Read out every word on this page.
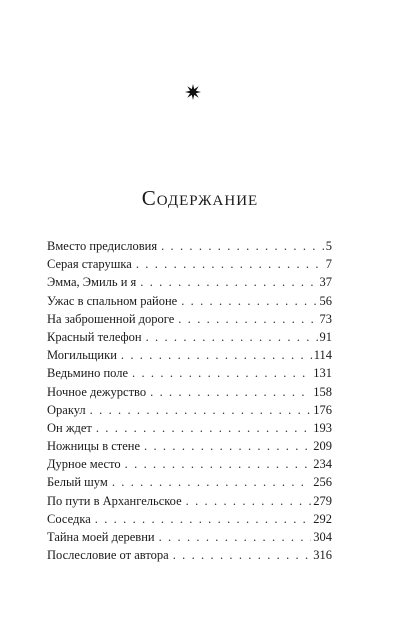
Содержание
Вместо предисловия . . .	5
Серая старушка . . .	7
Эмма, Эмиль и я . . .	37
Ужас в спальном районе . . .	56
На заброшенной дороге . . .	73
Красный телефон . . .	91
Могильщики . . .	114
Ведьмино поле . . .	131
Ночное дежурство . . .	158
Оракул . . .	176
Он ждет . . .	193
Ножницы в стене . . .	209
Дурное место . . .	234
Белый шум . . .	256
По пути в Архангельское . . .	279
Соседка . . .	292
Тайна моей деревни . . .	304
Послесловие от автора . . .	316
